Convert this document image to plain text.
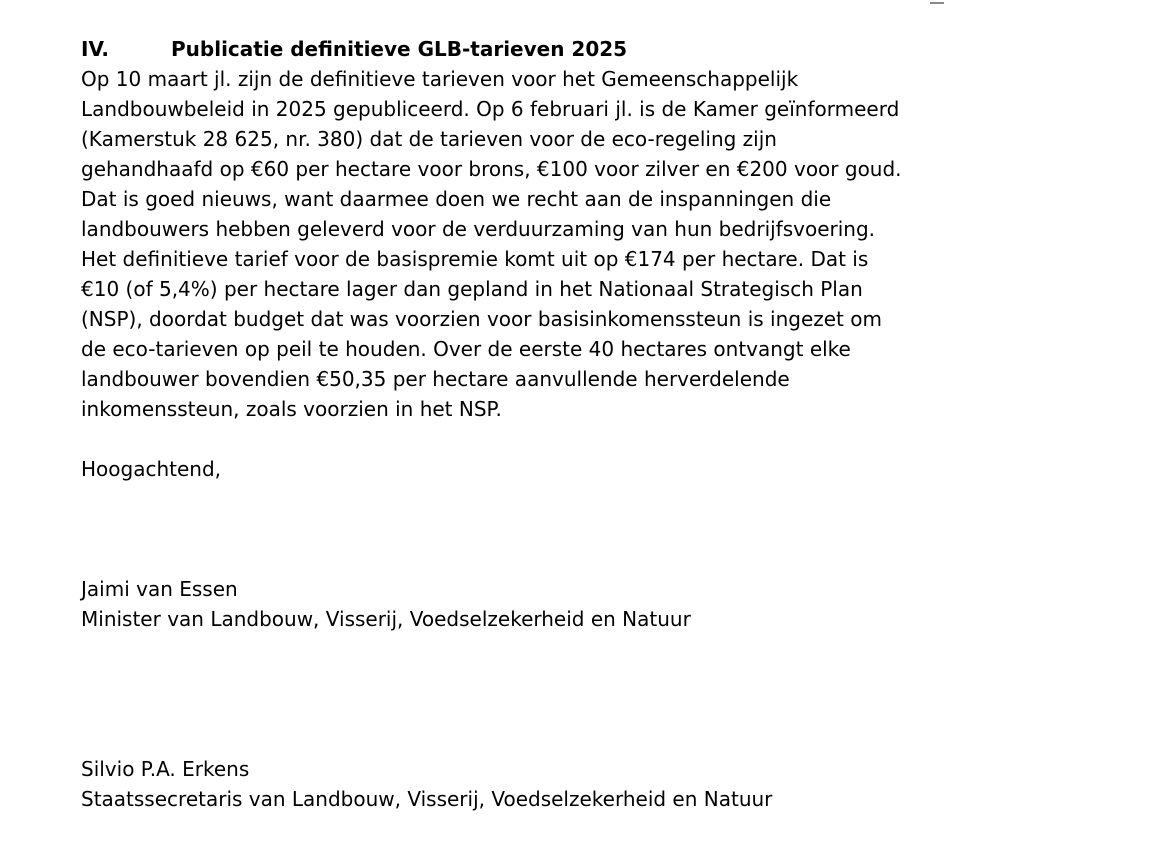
IV.	Publicatie definitieve GLB-tarieven 2025
Op 10 maart jl. zijn de definitieve tarieven voor het Gemeenschappelijk
Landbouwbeleid in 2025 gepubliceerd. Op 6 februari jl. is de Kamer geïnformeerd
(Kamerstuk 28 625, nr. 380) dat de tarieven voor de eco-regeling zijn
gehandhaafd op €60 per hectare voor brons, €100 voor zilver en €200 voor goud.
Dat is goed nieuws, want daarmee doen we recht aan de inspanningen die
landbouwers hebben geleverd voor de verduurzaming van hun bedrijfsvoering.
Het definitieve tarief voor de basispremie komt uit op €174 per hectare. Dat is
€10 (of 5,4%) per hectare lager dan gepland in het Nationaal Strategisch Plan
(NSP), doordat budget dat was voorzien voor basisinkomenssteun is ingezet om
de eco-tarieven op peil te houden. Over de eerste 40 hectares ontvangt elke
landbouwer bovendien €50,35 per hectare aanvullende herverdelende
inkomenssteun, zoals voorzien in het NSP.
Hoogachtend,
Jaimi van Essen
Minister van Landbouw, Visserij, Voedselzekerheid en Natuur
Silvio P.A. Erkens
Staatssecretaris van Landbouw, Visserij, Voedselzekerheid en Natuur
